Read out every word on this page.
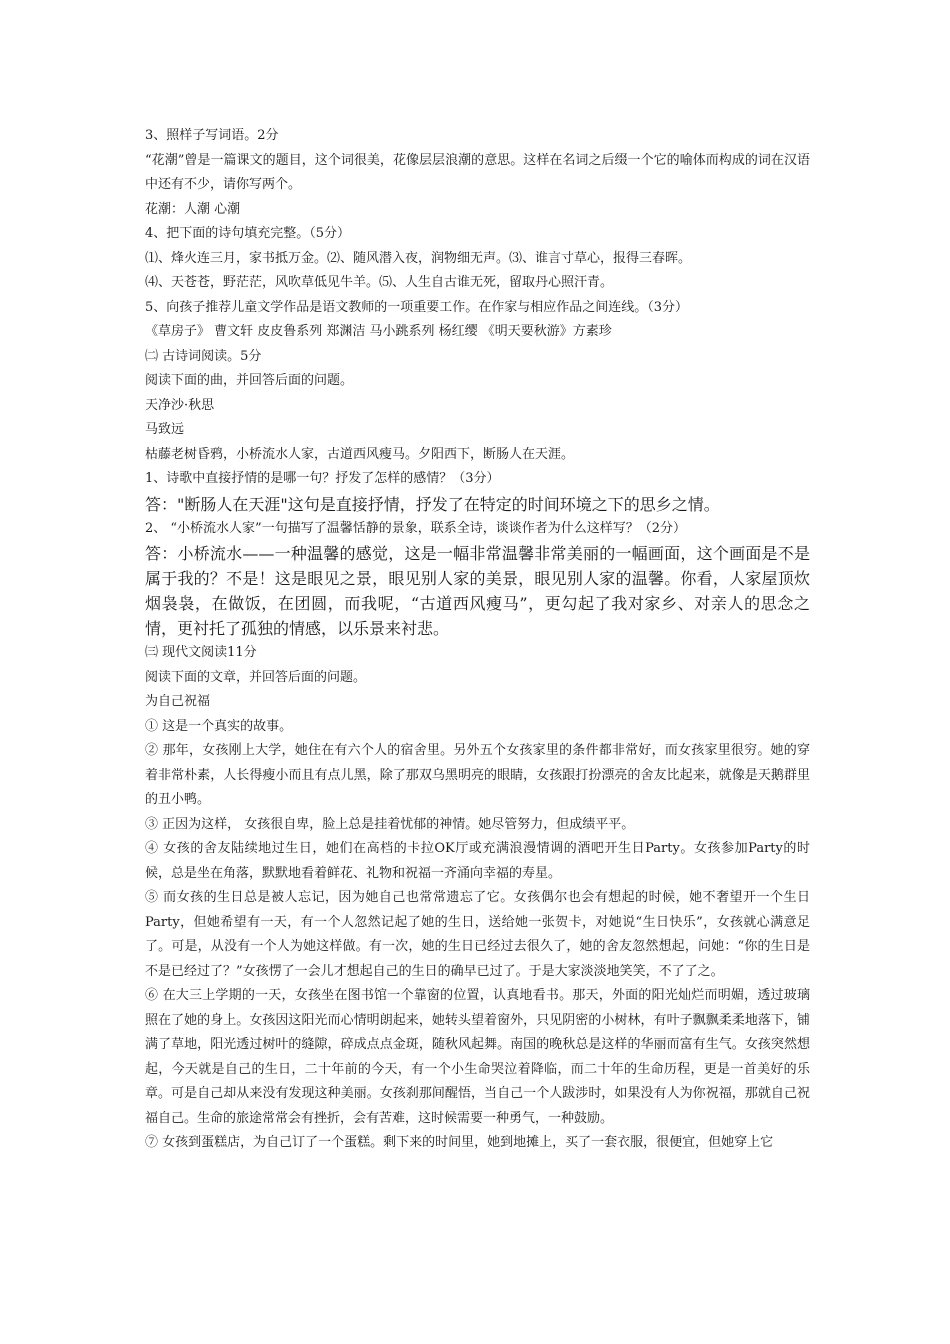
3、照样子写词语。2分

“花潮”曾是一篇课文的题目，这个词很美，花像层层浪潮的意思。这样在名词之后缀一个它的喻体而构成的词在汉语中还有不少，请你写两个。

花潮：人潮 心潮

4、把下面的诗句填充完整。（5分）

⑴、烽火连三月，家书抵万金。⑵、随风潜入夜，润物细无声。⑶、谁言寸草心，报得三春晖。

⑷、天苍苍，野茫茫，风吹草低见牛羊。⑸、人生自古谁无死，留取丹心照汗青。

5、向孩子推荐儿童文学作品是语文教师的一项重要工作。在作家与相应作品之间连线。（3分）

《草房子》 曹文轩 皮皮鲁系列 郑渊洁 马小跳系列 杨红缨 《明天要秋游》方素珍

㈡ 古诗词阅读。5分

阅读下面的曲，并回答后面的问题。

天净沙·秋思

马致远

枯藤老树昏鸦，小桥流水人家，古道西风瘦马。夕阳西下，断肠人在天涯。

1、诗歌中直接抒情的是哪一句？抒发了怎样的感情？（3分）

答："断肠人在天涯"这句是直接抒情，抒发了在特定的时间环境之下的思乡之情。

2、 “小桥流水人家”一句描写了温馨恬静的景象，联系全诗，谈谈作者为什么这样写？（2分）

答：小桥流水——一种温馨的感觉，这是一幅非常温馨非常美丽的一幅画面，这个画面是不是属于我的？不是！这是眼见之景，眼见别人家的美景，眼见别人家的温馨。你看，人家屋顶炊烟袅袅，在做饭，在团圆，而我呢，“古道西风瘦马”，更勾起了我对家乡、对亲人的思念之情，更衬托了孤独的情感，以乐景来衬悲。

㈢ 现代文阅读11分

阅读下面的文章，并回答后面的问题。

为自己祝福

① 这是一个真实的故事。

② 那年，女孩刚上大学，她住在有六个人的宿舍里。另外五个女孩家里的条件都非常好，而女孩家里很穷。她的穿着非常朴素，人长得瘦小而且有点儿黑，除了那双乌黑明亮的眼睛，女孩跟打扮漂亮的舍友比起来，就像是天鹅群里的丑小鸭。

③ 正因为这样， 女孩很自卑，脸上总是挂着忧郁的神情。她尽管努力，但成绩平平。

④ 女孩的舍友陆续地过生日，她们在高档的卡拉OK厅或充满浪漫情调的酒吧开生日Party。女孩参加Party的时候，总是坐在角落，默默地看着鲜花、礼物和祝福一齐涌向幸福的寿星。

⑤ 而女孩的生日总是被人忘记，因为她自己也常常遗忘了它。女孩偶尔也会有想起的时候，她不奢望开一个生日Party，但她希望有一天，有一个人忽然记起了她的生日，送给她一张贺卡，对她说“生日快乐”，女孩就心满意足了。可是，从没有一个人为她这样做。有一次，她的生日已经过去很久了，她的舍友忽然想起，问她：“你的生日是不是已经过了？”女孩愣了一会儿才想起自己的生日的确早已过了。于是大家淡淡地笑笑，不了了之。

⑥ 在大三上学期的一天，女孩坐在图书馆一个靠窗的位置，认真地看书。那天，外面的阳光灿烂而明媚，透过玻璃照在了她的身上。女孩因这阳光而心情明朗起来，她转头望着窗外，只见阴密的小树林，有叶子飘飘柔柔地落下，铺满了草地，阳光透过树叶的缝隙，碎成点点金斑，随秋风起舞。南国的晚秋总是这样的华丽而富有生气。女孩突然想起，今天就是自己的生日，二十年前的今天，有一个小生命哭泣着降临，而二十年的生命历程，更是一首美好的乐章。可是自己却从来没有发现这种美丽。女孩刹那间醒悟，当自己一个人跋涉时，如果没有人为你祝福，那就自己祝福自己。生命的旅途常常会有挫折，会有苦难，这时候需要一种勇气，一种鼓励。

⑦ 女孩到蛋糕店，为自己订了一个蛋糕。剩下来的时间里，她到地摊上，买了一套衣服，很便宜，但她穿上它
